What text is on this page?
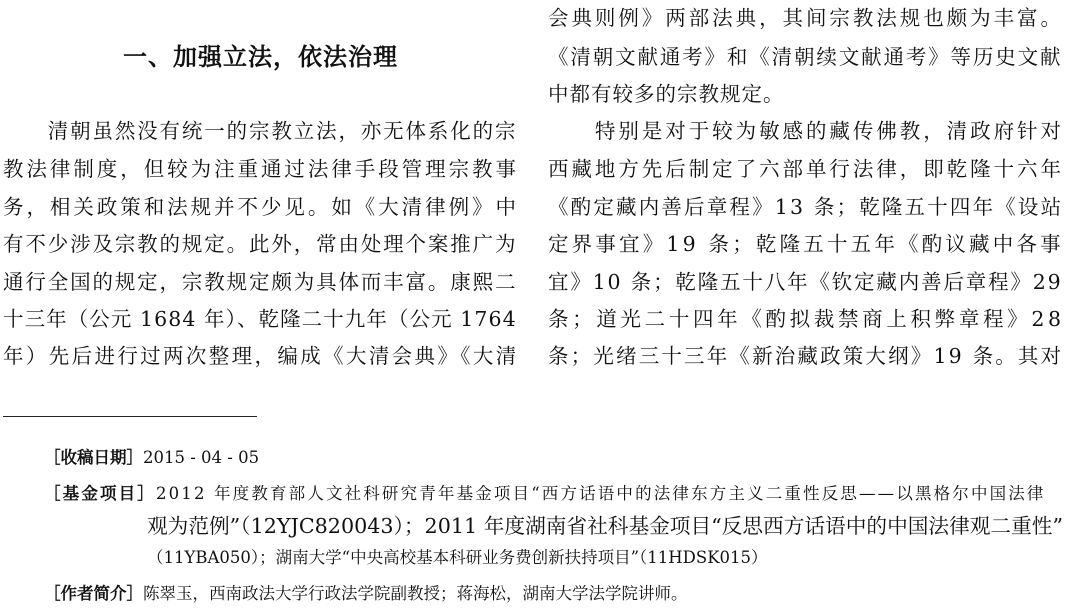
一、加强立法，依法治理
　　清朝虽然没有统一的宗教立法，亦无体系化的宗
教法律制度，但较为注重通过法律手段管理宗教事
务，相关政策和法规并不少见。如《大清律例》中
有不少涉及宗教的规定。此外，常由处理个案推广为
通行全国的规定，宗教规定颇为具体而丰富。康熙二
十三年（公元 1684 年）、乾隆二十九年（公元 1764
年）先后进行过两次整理，编成《大清会典》《大清
会典则例》两部法典，其间宗教法规也颇为丰富。
《清朝文献通考》和《清朝续文献通考》等历史文献
中都有较多的宗教规定。
　　特别是对于较为敏感的藏传佛教，清政府针对
西藏地方先后制定了六部单行法律，即乾隆十六年
《酌定藏内善后章程》13 条；乾隆五十四年《设站
定界事宜》19 条；乾隆五十五年《酌议藏中各事
宜》10 条；乾隆五十八年《钦定藏内善后章程》29
条；道光二十四年《酌拟裁禁商上积弊章程》28
条；光绪三十三年《新治藏政策大纲》19 条。其对
［收稿日期］2015 - 04 - 05
［基金项目］2012 年度教育部人文社科研究青年基金项目“西方话语中的法律东方主义二重性反思——以黑格尔中国法律
观为范例”（12YJC820043）；2011 年度湖南省社科基金项目“反思西方话语中的中国法律观二重性”
（11YBA050）；湖南大学“中央高校基本科研业务费创新扶持项目”（11HDSK015）
［作者简介］陈翠玉，西南政法大学行政法学院副教授；蒋海松，湖南大学法学院讲师。
